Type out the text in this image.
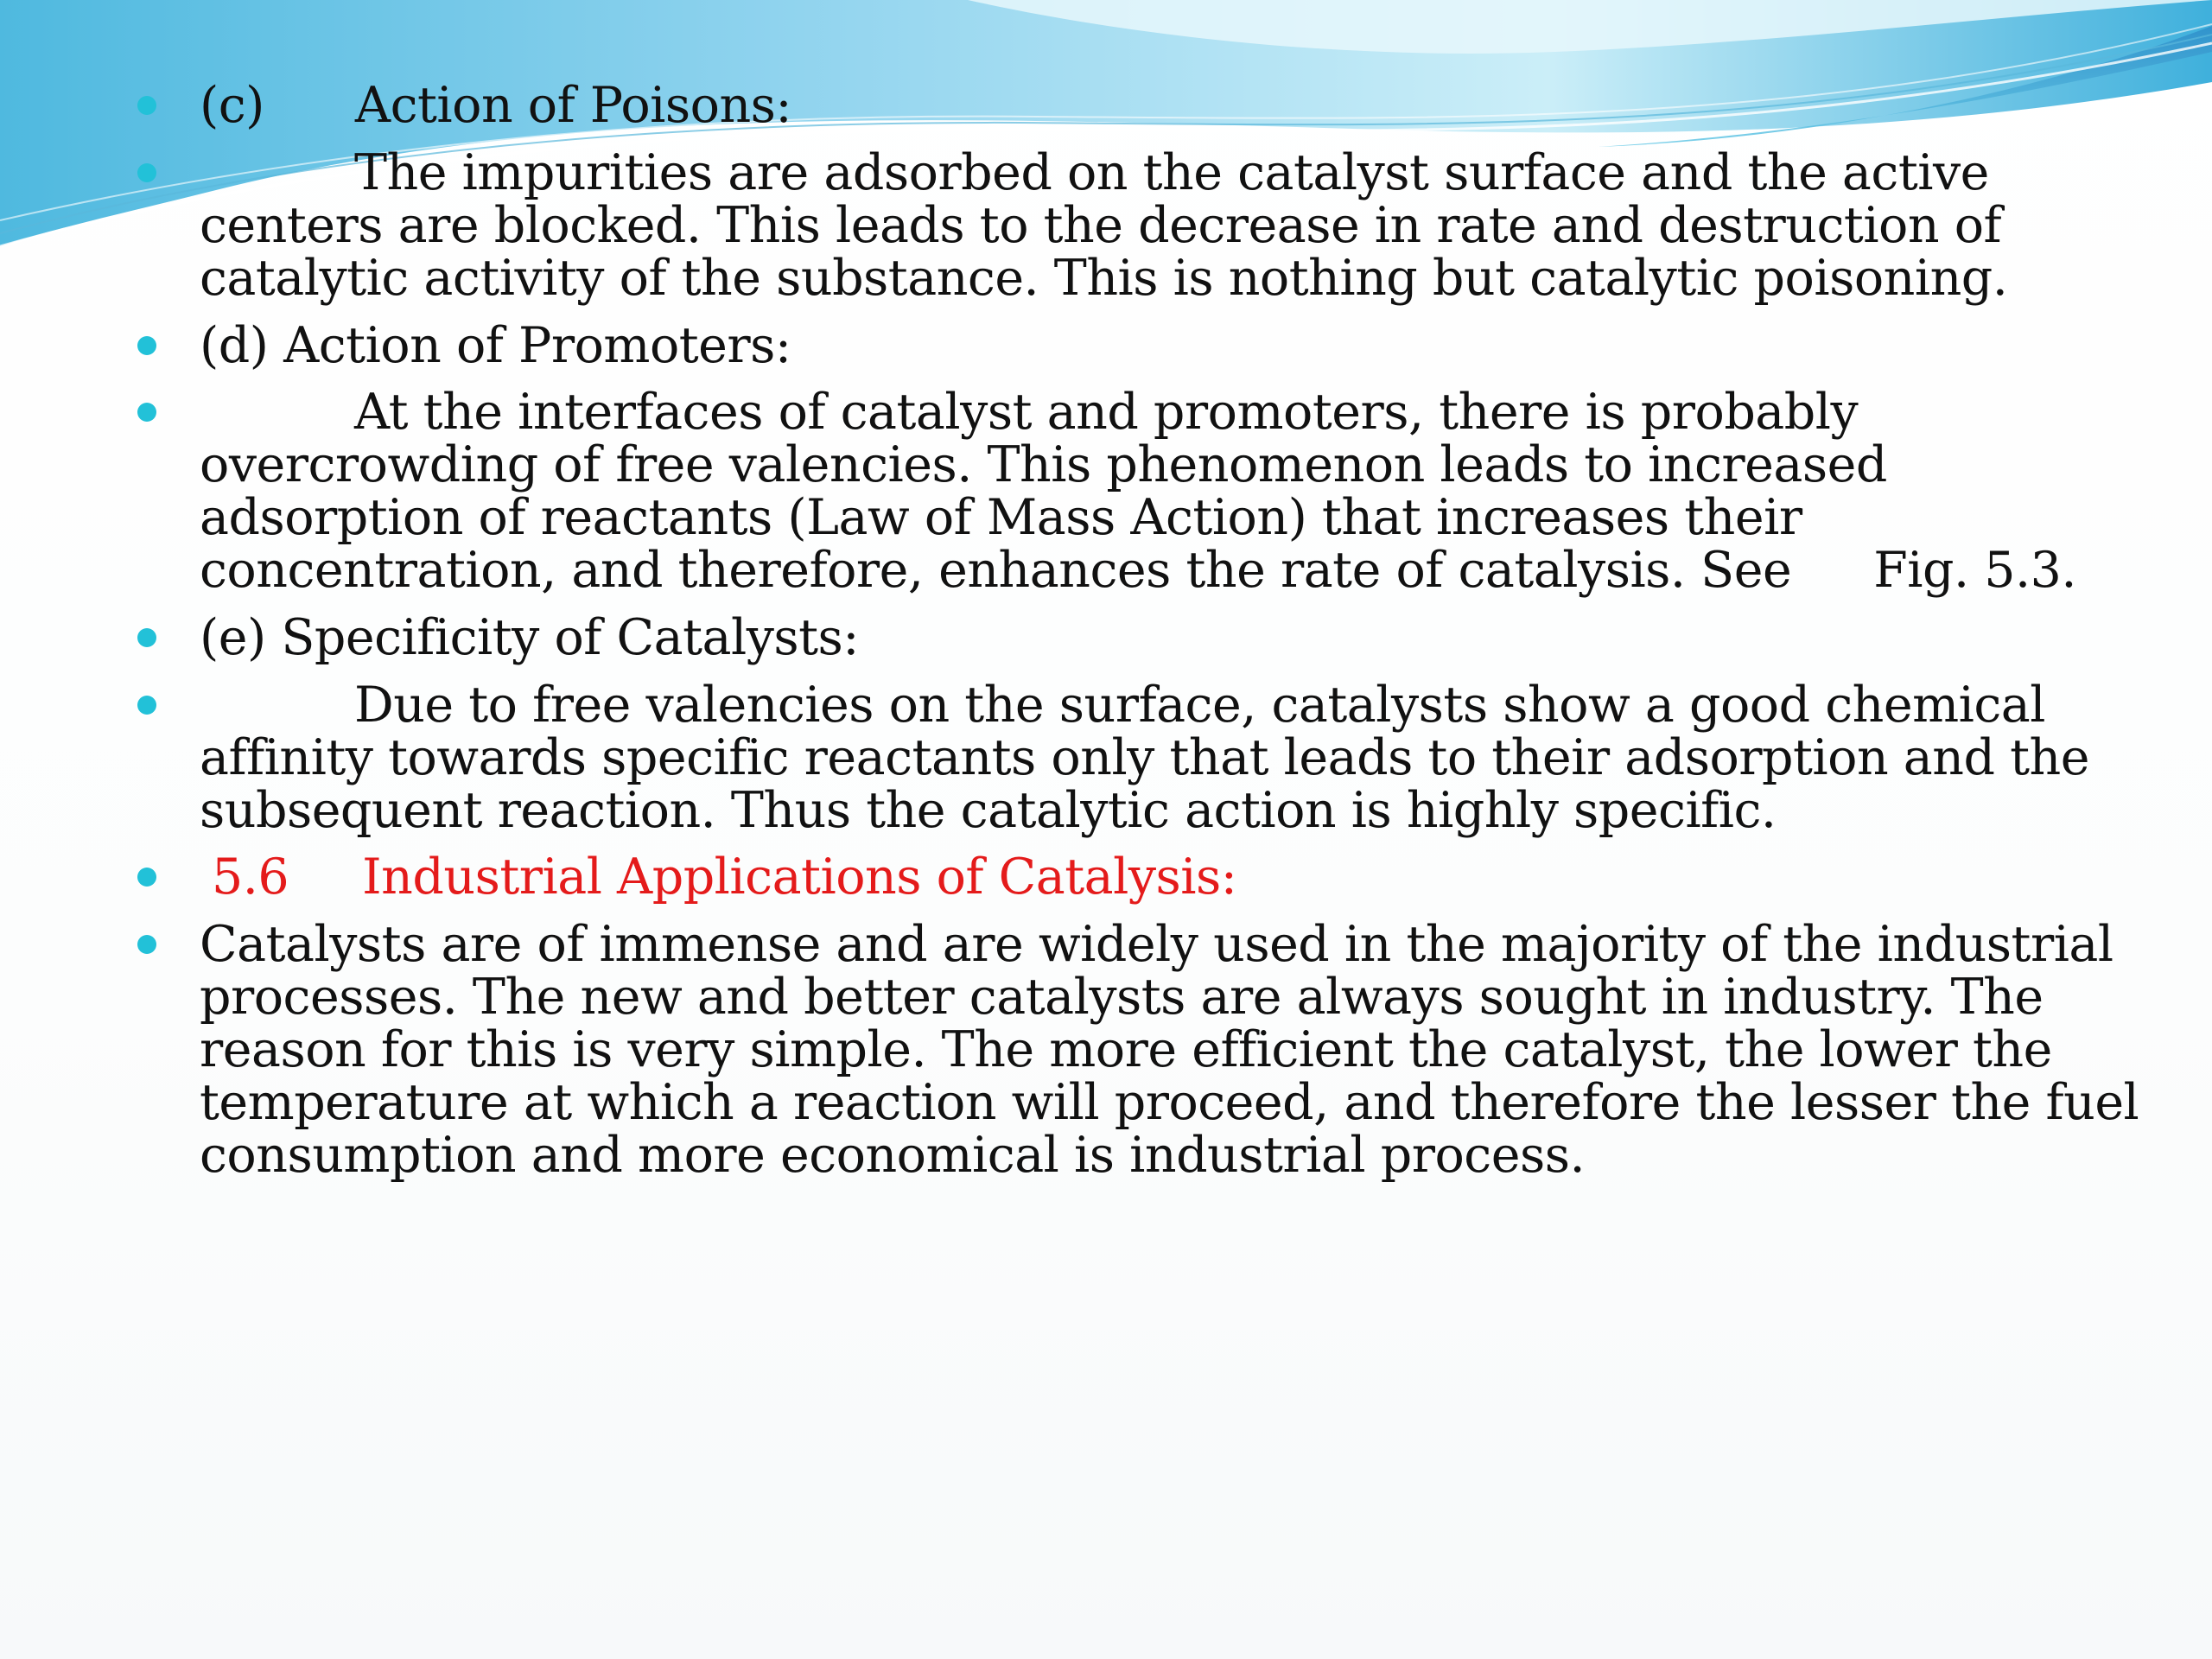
(c) Action of Poisons:
The impurities are adsorbed on the catalyst surface and the active
centers are blocked. This leads to the decrease in rate and destruction of
catalytic activity of the substance. This is nothing but catalytic poisoning.
(d) Action of Promoters:
At the interfaces of catalyst and promoters, there is probably
overcrowding of free valencies. This phenomenon leads to increased
adsorption of reactants (Law of Mass Action) that increases their
concentration, and therefore, enhances the rate of catalysis. See Fig. 5.3.
(e) Specificity of Catalysts:
Due to free valencies on the surface, catalysts show a good chemical
affinity towards specific reactants only that leads to their adsorption and the
subsequent reaction. Thus the catalytic action is highly specific.
5.6 Industrial Applications of Catalysis:
Catalysts are of immense and are widely used in the majority of the industrial
processes. The new and better catalysts are always sought in industry. The
reason for this is very simple. The more efficient the catalyst, the lower the
temperature at which a reaction will proceed, and therefore the lesser the fuel
consumption and more economical is industrial process.
